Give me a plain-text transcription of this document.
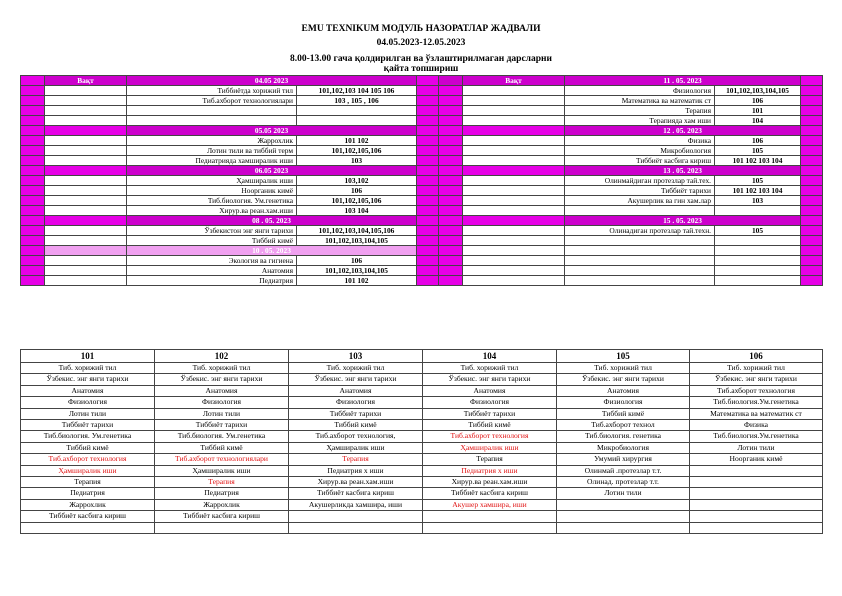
EMU TEXNIKUM МОДУЛЬ НАЗОРАТЛАР ЖАДВАЛИ
04.05.2023-12.05.2023
8.00-13.00 гача қолдирилган ва ўзлаштирилмаган дарсларни
қайта топшириш
	Вақт	04.05 2023				Вақт	11 . 05. 2023		
		Тиббиётда хорижий тил	101,102,103 104 105 106				Физиология	101,102,103,104,105	
		Тиб.ахборот технологиялари	103 , 105 , 106				Математика ва математик ст	106	
							Терапия	101	
							Терапияда хам иши	104	
		05.05 2023					12 . 05. 2023		
		Жаррохлик	101 102				Физика	106	
		Лотин тили ва тиббий терм	101,102,105,106				Микробиология	105	
		Педиатрияда хамширалик иши	103				Тиббиёт касбига кириш	101 102 103 104	
		06.05 2023					13 . 05. 2023		
		Ҳамширалик иши	103,102				Олинмайдиган протезлар тай.тех.	105	
		Ноорганик кимё	106				Тиббиёт тарихи	101 102 103 104	
		Тиб.биология. Ум.генетика	101,102,105,106				Акушерлик ва гин хам.лар	103	
		Хирур.ва реан.хам.иши	103 104						
		08 . 05. 2023					15 . 05. 2023		
		Ўзбекистон энг янги тарихи	101,102,103,104,105,106				Олинадиган протезлар тай.техн.	105	
		Тиббий кимё	101,102,103,104,105						
		10 . 05. 2023							
		Экология ва гигиена	106						
		Анатомия	101,102,103,104,105						
		Педиатрия	101 102						
101	102	103	104	105	106
Тиб. хорижий тил	Тиб. хорижий тил	Тиб. хорижий тил	Тиб. хорижий тил	Тиб. хорижий тил	Тиб. хорижий тил
Ўзбекис. энг янги тарихи	Ўзбекис. энг янги тарихи	Ўзбекис. энг янги тарихи	Ўзбекис. энг янги тарихи	Ўзбекис. энг янги тарихи	Ўзбекис. энг янги тарихи
Анатомия	Анатомия	Анатомия	Анатомия	Анатомия	Тиб.ахборот технология
Физиология	Физиология	Физиология	Физиология	Физиология	Тиб.биология.Ум.генетика
Лотин тили	Лотин тили	Тиббиёт тарихи	Тиббиёт тарихи	Тиббий кимё	Математика ва математик ст
Тиббиёт тарихи	Тиббиёт тарихи	Тиббий кимё	Тиббий кимё	Тиб.ахборот технол	Физика
Тиб.биология. Ум.генетика	Тиб.биология. Ум.генетика	Тиб.ахборот технология,	Тиб.ахборот технология	Тиб.биология. генетика	Тиб.биология.Ум.генетика
Тиббий кимё	Тиббий кимё	Ҳамширалик иши	Ҳамширалик иши	Микробиология	Лотин тили
Тиб.ахборот технология	Тиб.ахборот технологиялари	Терапия	Терапия	Умумий хирургия	Ноорганик кимё
Ҳамширалик иши	Ҳамширалик иши	Педиатрия х иши	Педиатрия х иши	Олинмай .протезлар т.т.	
Терапия	Терапия	Хирур.ва реан.хам.иши	Хирур.ва реан.хам.иши	Олинад. протезлар т.т.	
Педиатрия	Педиатрия	Тиббиёт касбига кириш	Тиббиёт касбига кириш	Лотин тили	
Жаррохлик	Жаррохлик	Акушерликда хамшира, иши	Акушер хамшира, иши		
Тиббиёт касбига кириш	Тиббиёт касбига кириш				
